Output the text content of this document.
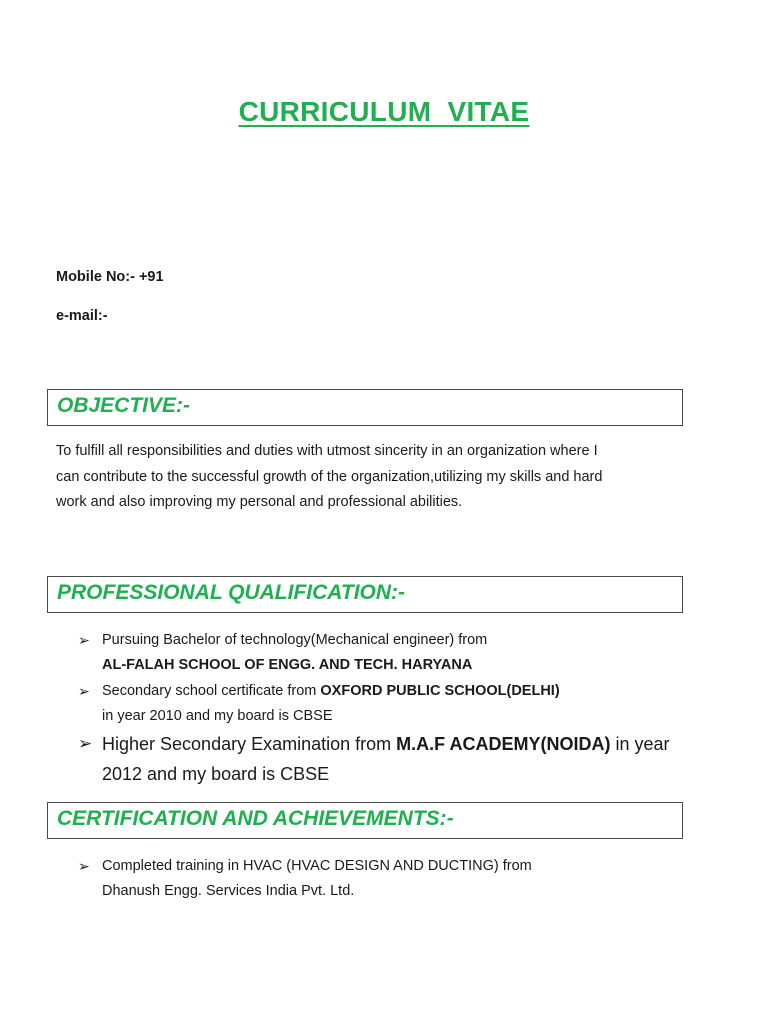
CURRICULUM  VITAE
Mobile No:- +91
e-mail:-
OBJECTIVE:-
To fulfill all responsibilities and duties with utmost sincerity in an organization where I
can contribute to the successful growth of the organization,utilizing my skills and hard
work and also improving my personal and professional abilities.
PROFESSIONAL QUALIFICATION:-
➢ Pursuing Bachelor of technology(Mechanical engineer) from
AL-FALAH SCHOOL OF ENGG. AND TECH. HARYANA
➢ Secondary school certificate from OXFORD PUBLIC SCHOOL(DELHI)
in year 2010 and my board is CBSE
➢ Higher Secondary Examination from M.A.F ACADEMY(NOIDA) in year
2012 and my board is CBSE
CERTIFICATION AND ACHIEVEMENTS:-
➢ Completed training in HVAC (HVAC DESIGN AND DUCTING) from
Dhanush Engg. Services India Pvt. Ltd.
